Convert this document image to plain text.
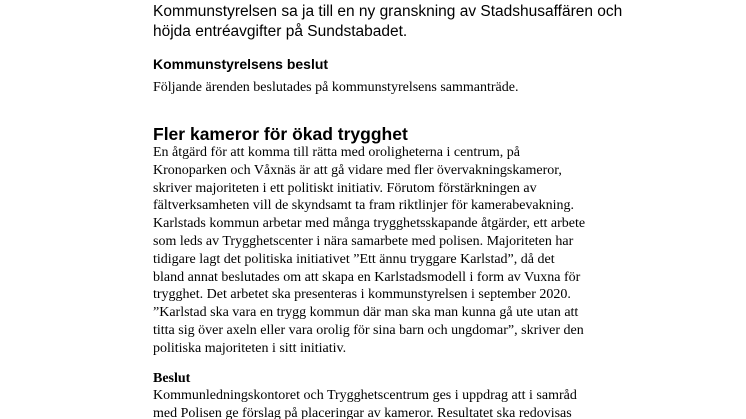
Kommunstyrelsen sa ja till en ny granskning av Stadshusaffären och
höjda entréavgifter på Sundstabadet.
Kommunstyrelsens beslut
Följande ärenden beslutades på kommunstyrelsens sammanträde.
Fler kameror för ökad trygghet
En åtgärd för att komma till rätta med oroligheterna i centrum, på
Kronoparken och Våxnäs är att gå vidare med fler övervakningskameror,
skriver majoriteten i ett politiskt initiativ. Förutom förstärkningen av
fältverksamheten vill de skyndsamt ta fram riktlinjer för kamerabevakning.
Karlstads kommun arbetar med många trygghetsskapande åtgärder, ett arbete
som leds av Trygghetscenter i nära samarbete med polisen. Majoriteten har
tidigare lagt det politiska initiativet ”Ett ännu tryggare Karlstad”, då det
bland annat beslutades om att skapa en Karlstadsmodell i form av Vuxna för
trygghet. Det arbetet ska presenteras i kommunstyrelsen i september 2020.
”Karlstad ska vara en trygg kommun där man ska man kunna gå ute utan att
titta sig över axeln eller vara orolig för sina barn och ungdomar”, skriver den
politiska majoriteten i sitt initiativ.
Beslut
Kommunledningskontoret och Trygghetscentrum ges i uppdrag att i samråd
med Polisen ge förslag på placeringar av kameror. Resultatet ska redovisas
